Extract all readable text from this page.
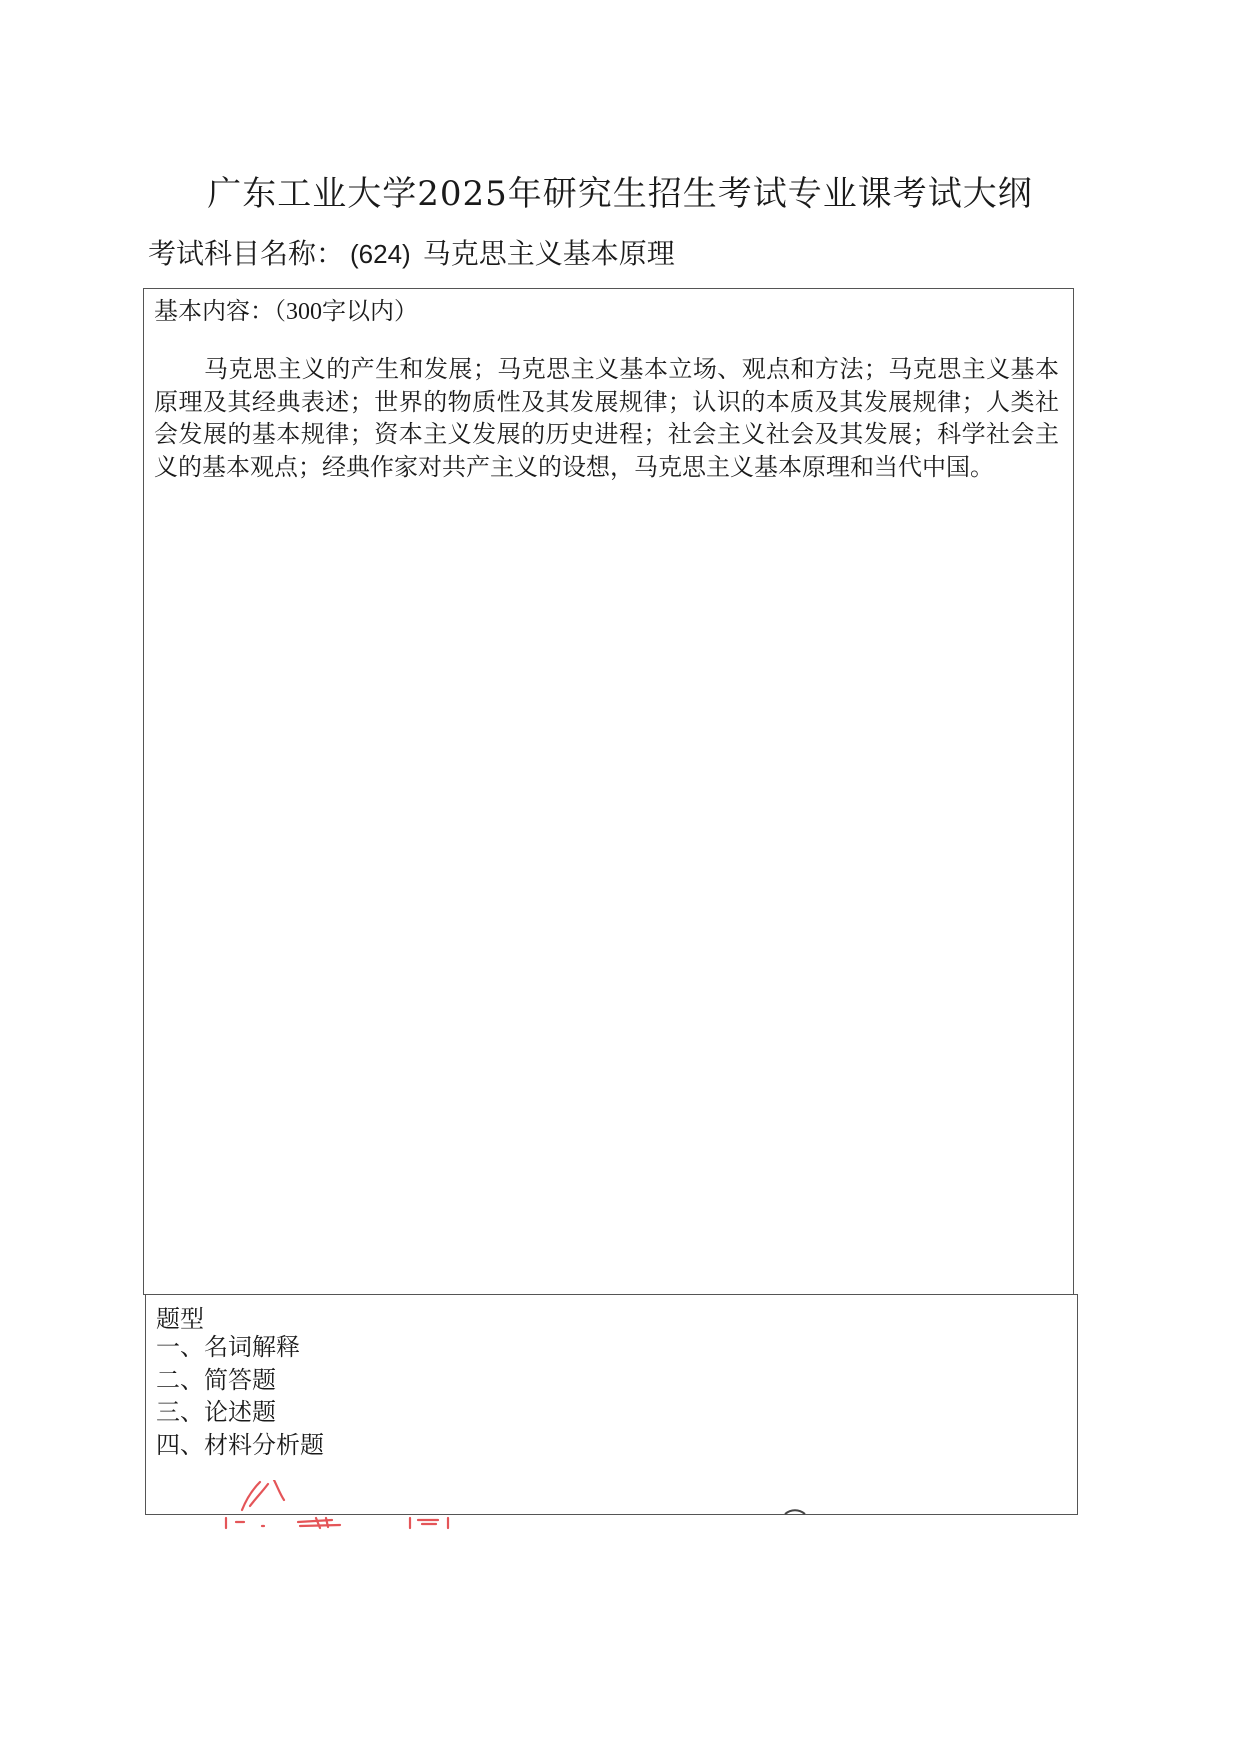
广东工业大学2025年研究生招生考试专业课考试大纲
考试科目名称： (624) 马克思主义基本原理
基本内容：（300字以内）

马克思主义的产生和发展；马克思主义基本立场、观点和方法；马克思主义基本原理及其经典表述；世界的物质性及其发展规律；认识的本质及其发展规律；人类社会发展的基本规律；资本主义发展的历史进程；社会主义社会及其发展；科学社会主义的基本观点；经典作家对共产主义的设想，马克思主义基本原理和当代中国。

题型
一、名词解释
二、简答题
三、论述题
四、材料分析题
